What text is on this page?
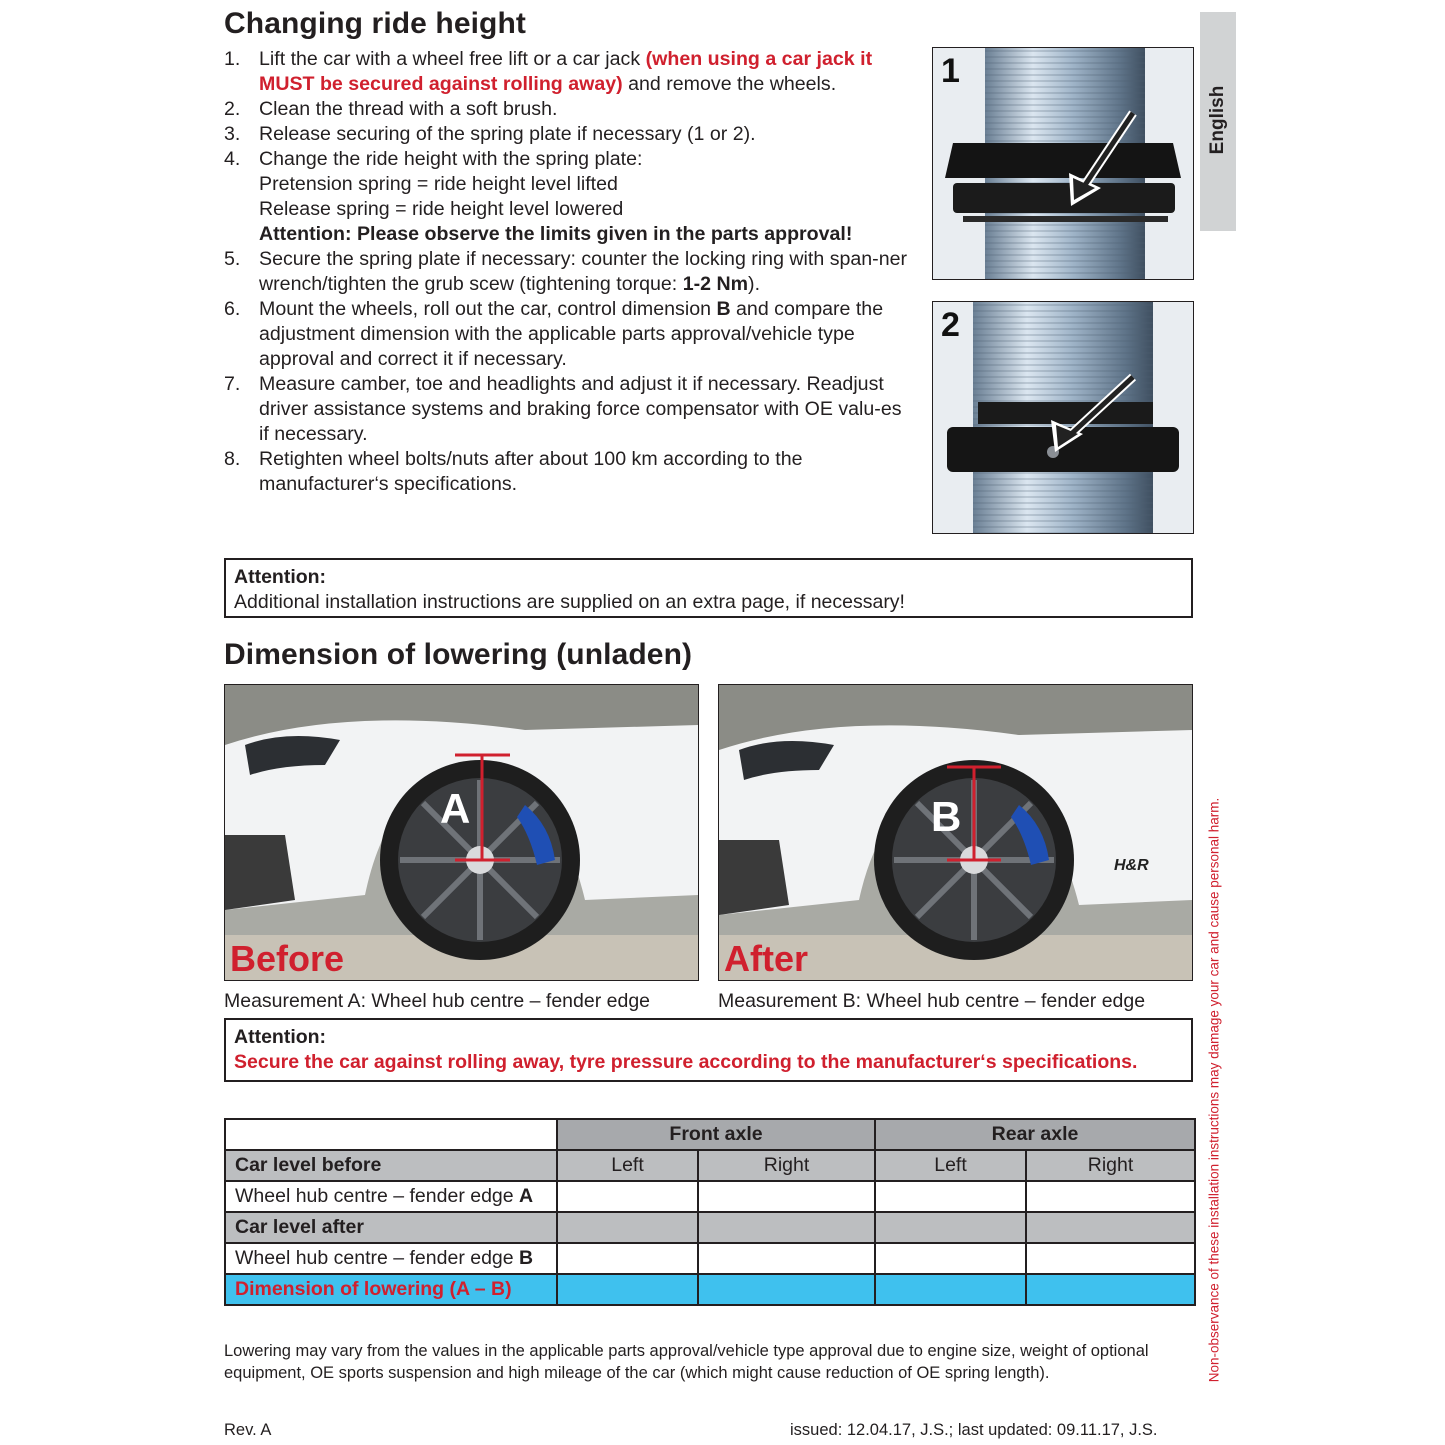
Changing ride height
1. Lift the car with a wheel free lift or a car jack (when using a car jack it MUST be secured against rolling away) and remove the wheels.
2. Clean the thread with a soft brush.
3. Release securing of the spring plate if necessary (1 or 2).
4. Change the ride height with the spring plate:
Pretension spring = ride height level lifted
Release spring = ride height level lowered
Attention: Please observe the limits given in the parts approval!
5. Secure the spring plate if necessary: counter the locking ring with span-ner wrench/tighten the grub scew (tightening torque: 1-2 Nm).
6. Mount the wheels, roll out the car, control dimension B and compare the adjustment dimension with the applicable parts approval/vehicle type approval and correct it if necessary.
7. Measure camber, toe and headlights and adjust it if necessary. Readjust driver assistance systems and braking force compensator with OE valu-es if necessary.
8. Retighten wheel bolts/nuts after about 100 km according to the manufacturer‘s specifications.
1
2
English
Attention:
Additional installation instructions are supplied on an extra page, if necessary!
Dimension of lowering (unladen)
A
Before
B
H&R
After
Measurement A: Wheel hub centre – fender edge	Measurement B: Wheel hub centre – fender edge
Attention:
Secure the car against rolling away, tyre pressure according to the manufacturer‘s specifications.
	Front axle		Rear axle	
Car level before	Left	Right	Left	Right
Wheel hub centre – fender edge A				
Car level after				
Wheel hub centre – fender edge B				
Dimension of lowering (A – B)				
Lowering may vary from the values in the applicable parts approval/vehicle type approval due to engine size, weight of optional equipment, OE sports suspension and high mileage of the car (which might cause reduction of OE spring length).
Rev. A	issued: 12.04.17, J.S.; last updated: 09.11.17, J.S.
Non-observance of these installation instructions may damage your car and cause personal harm.
